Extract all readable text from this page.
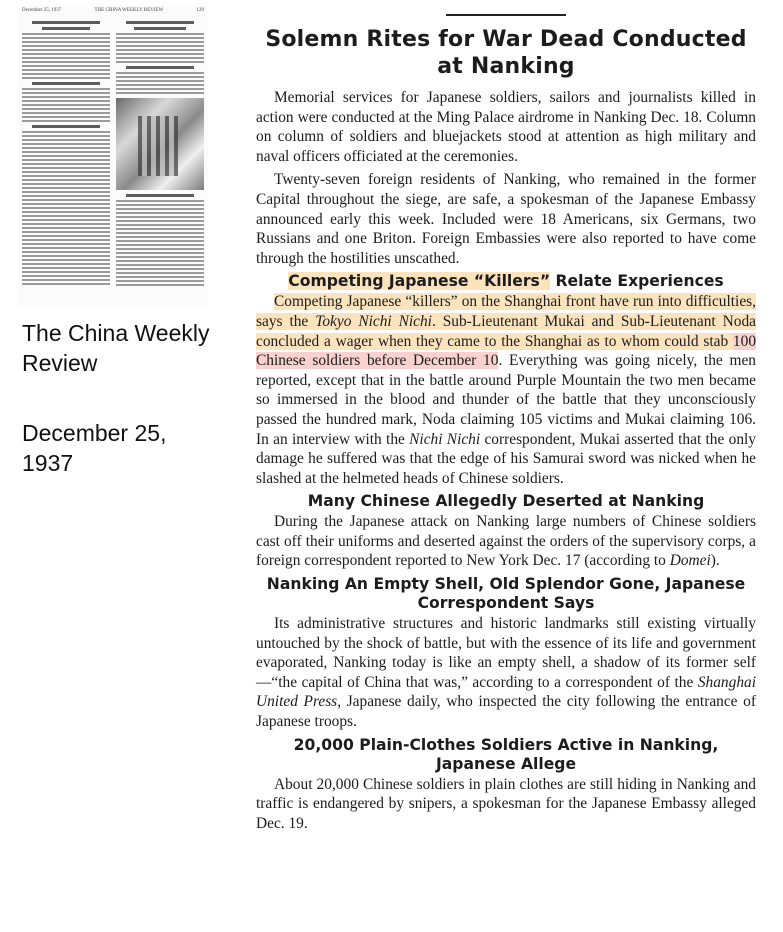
December 25, 1937	THE CHINA WEEKLY REVIEW	129
The China Weekly Review
December 25, 1937
Solemn Rites for War Dead Conducted at Nanking

Memorial services for Japanese soldiers, sailors and journalists killed in action were conducted at the Ming Palace airdrome in Nanking Dec. 18. Column on column of soldiers and bluejackets stood at attention as high military and naval officers officiated at the ceremonies.

Twenty-seven foreign residents of Nanking, who remained in the former Capital throughout the siege, are safe, a spokesman of the Japanese Embassy announced early this week. Included were 18 Americans, six Germans, two Russians and one Briton. Foreign Embassies were also reported to have come through the hostilities unscathed.

Competing Japanese “Killers” Relate Experiences

Competing Japanese “killers” on the Shanghai front have run into difficulties, says the Tokyo Nichi Nichi. Sub-Lieutenant Mukai and Sub-Lieutenant Noda concluded a wager when they came to the Shanghai as to whom could stab 100 Chinese soldiers before December 10. Everything was going nicely, the men reported, except that in the battle around Purple Mountain the two men became so immersed in the blood and thunder of the battle that they unconsciously passed the hundred mark, Noda claiming 105 victims and Mukai claiming 106. In an interview with the Nichi Nichi correspondent, Mukai asserted that the only damage he suffered was that the edge of his Samurai sword was nicked when he slashed at the helmeted heads of Chinese soldiers.

Many Chinese Allegedly Deserted at Nanking

During the Japanese attack on Nanking large numbers of Chinese soldiers cast off their uniforms and deserted against the orders of the supervisory corps, a foreign correspondent reported to New York Dec. 17 (according to Domei).

Nanking An Empty Shell, Old Splendor Gone, Japanese Correspondent Says

Its administrative structures and historic landmarks still existing virtually untouched by the shock of battle, but with the essence of its life and government evaporated, Nanking today is like an empty shell, a shadow of its former self—“the capital of China that was,” according to a correspondent of the Shanghai United Press, Japanese daily, who inspected the city following the entrance of Japanese troops.

20,000 Plain-Clothes Soldiers Active in Nanking, Japanese Allege

About 20,000 Chinese soldiers in plain clothes are still hiding in Nanking and traffic is endangered by snipers, a spokesman for the Japanese Embassy alleged Dec. 19.
